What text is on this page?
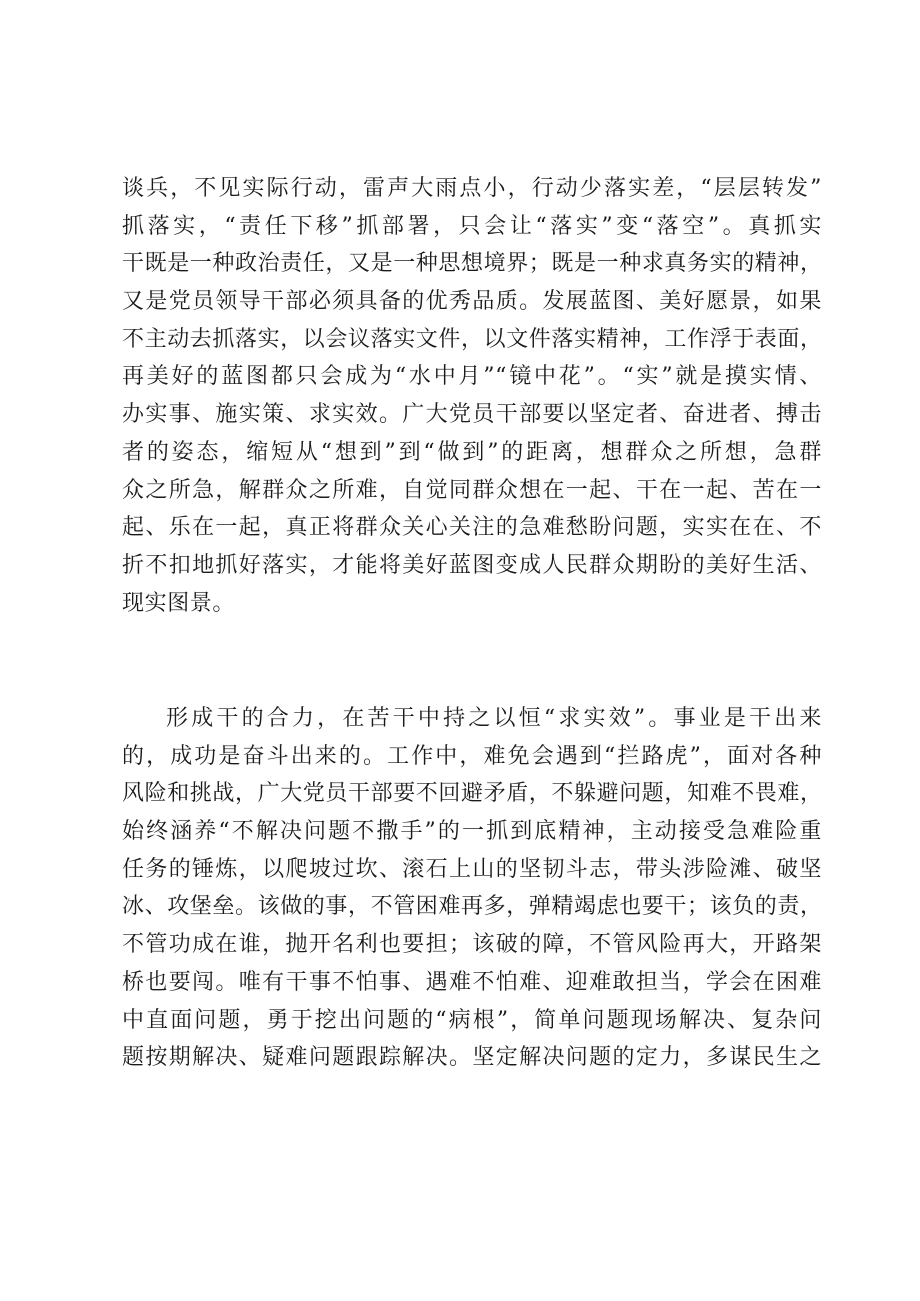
谈兵，不见实际行动，雷声大雨点小，行动少落实差，“层层转发”
抓落实，“责任下移”抓部署，只会让“落实”变“落空”。真抓实
干既是一种政治责任，又是一种思想境界；既是一种求真务实的精神，
又是党员领导干部必须具备的优秀品质。发展蓝图、美好愿景，如果
不主动去抓落实，以会议落实文件，以文件落实精神，工作浮于表面，
再美好的蓝图都只会成为“水中月”“镜中花”。“实”就是摸实情、
办实事、施实策、求实效。广大党员干部要以坚定者、奋进者、搏击
者的姿态，缩短从“想到”到“做到”的距离，想群众之所想，急群
众之所急，解群众之所难，自觉同群众想在一起、干在一起、苦在一
起、乐在一起，真正将群众关心关注的急难愁盼问题，实实在在、不
折不扣地抓好落实，才能将美好蓝图变成人民群众期盼的美好生活、
现实图景。
形成干的合力，在苦干中持之以恒“求实效”。事业是干出来
的，成功是奋斗出来的。工作中，难免会遇到“拦路虎”，面对各种
风险和挑战，广大党员干部要不回避矛盾，不躲避问题，知难不畏难，
始终涵养“不解决问题不撒手”的一抓到底精神，主动接受急难险重
任务的锤炼，以爬坡过坎、滚石上山的坚韧斗志，带头涉险滩、破坚
冰、攻堡垒。该做的事，不管困难再多，弹精竭虑也要干；该负的责，
不管功成在谁，抛开名利也要担；该破的障，不管风险再大，开路架
桥也要闯。唯有干事不怕事、遇难不怕难、迎难敢担当，学会在困难
中直面问题，勇于挖出问题的“病根”，简单问题现场解决、复杂问
题按期解决、疑难问题跟踪解决。坚定解决问题的定力，多谋民生之
